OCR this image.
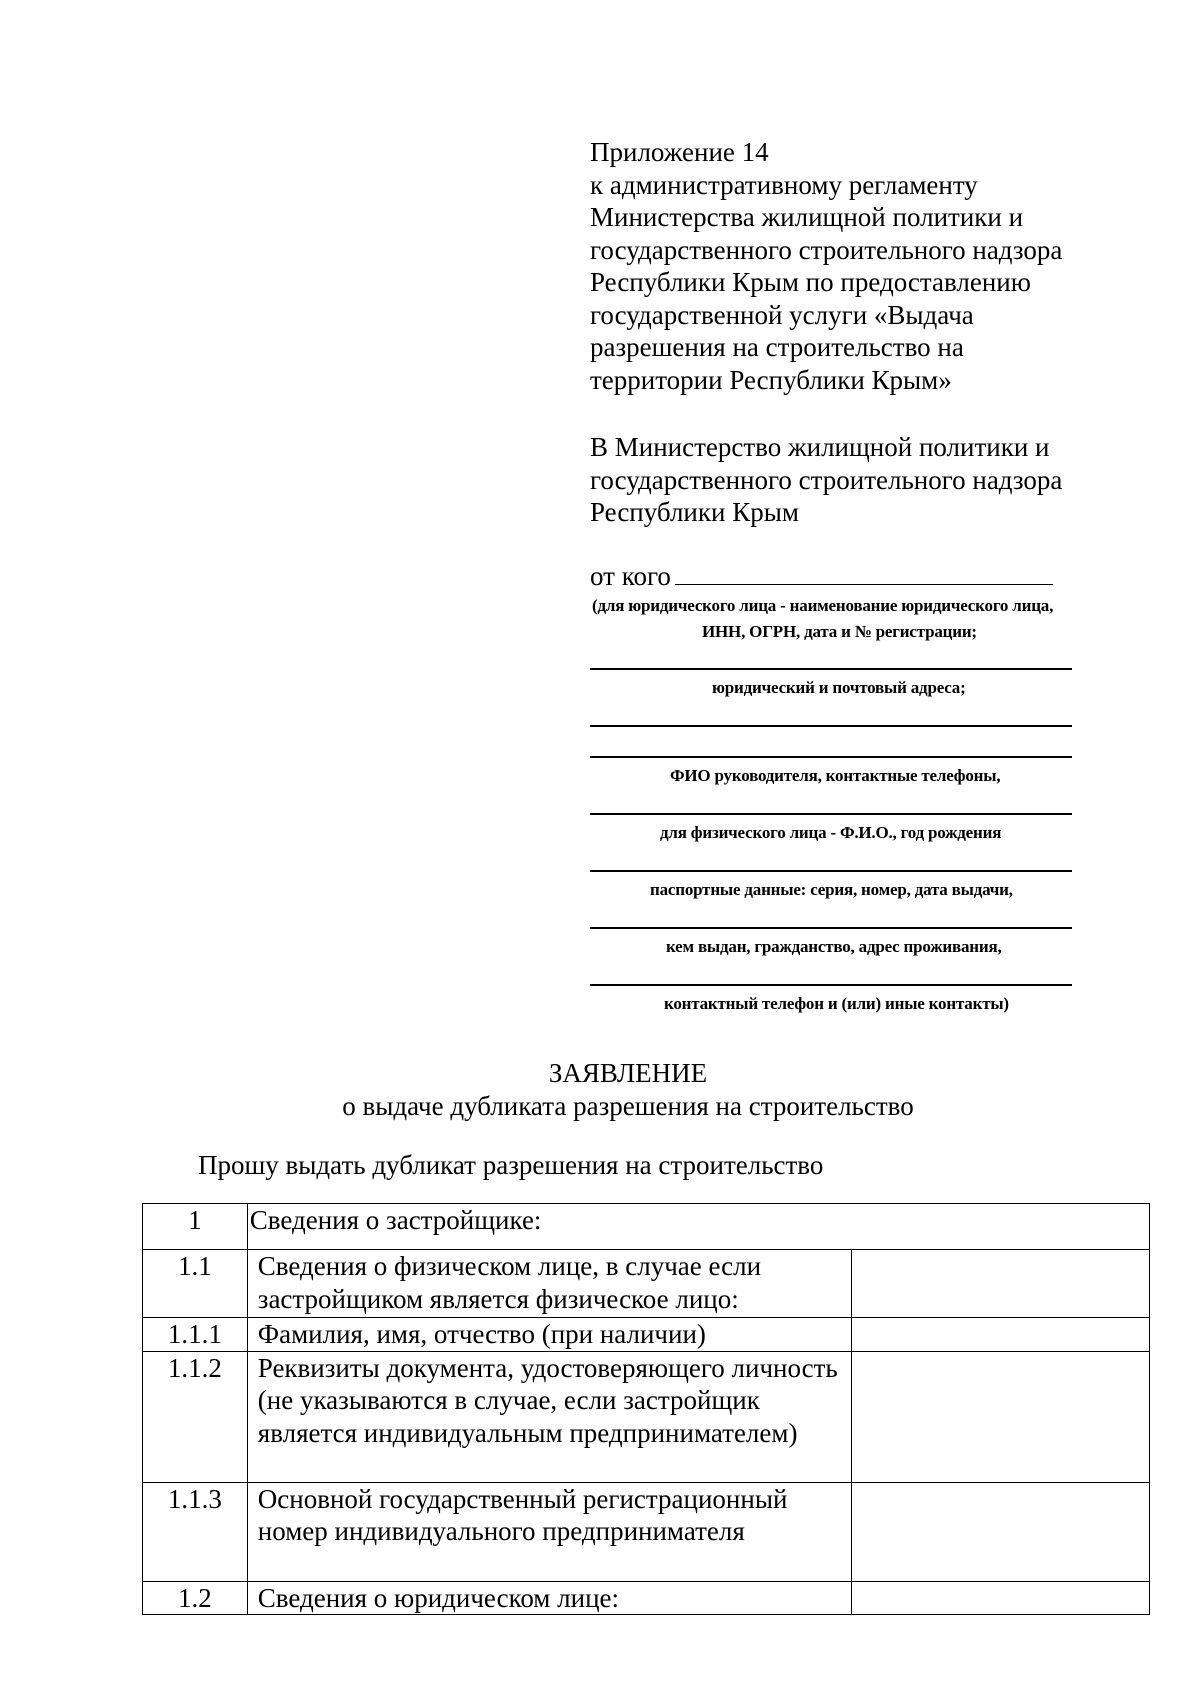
Приложение 14
к административному регламенту
Министерства жилищной политики и
государственного строительного надзора
Республики Крым по предоставлению
государственной услуги «Выдача
разрешения на строительство на
территории Республики Крым»
В Министерство жилищной политики и
государственного строительного надзора
Республики Крым
от кого
(для юридического лица - наименование юридического лица,
ИНН, ОГРН, дата и № регистрации;
юридический и почтовый адреса;
ФИО руководителя, контактные телефоны,
для физического лица - Ф.И.О., год рождения
паспортные данные: серия, номер, дата выдачи,
кем выдан, гражданство, адрес проживания,
контактный телефон и (или) иные контакты)
ЗАЯВЛЕНИЕ
о выдаче дубликата разрешения на строительство
Прошу выдать дубликат разрешения на строительство
1	Сведения о застройщике:	
1.1	Сведения о физическом лице, в случае если застройщиком является физическое лицо:	
1.1.1	Фамилия, имя, отчество (при наличии)	
1.1.2	Реквизиты документа, удостоверяющего личность (не указываются в случае, если застройщик является индивидуальным предпринимателем)	
1.1.3	Основной государственный регистрационный номер индивидуального предпринимателя	
1.2	Сведения о юридическом лице:	
